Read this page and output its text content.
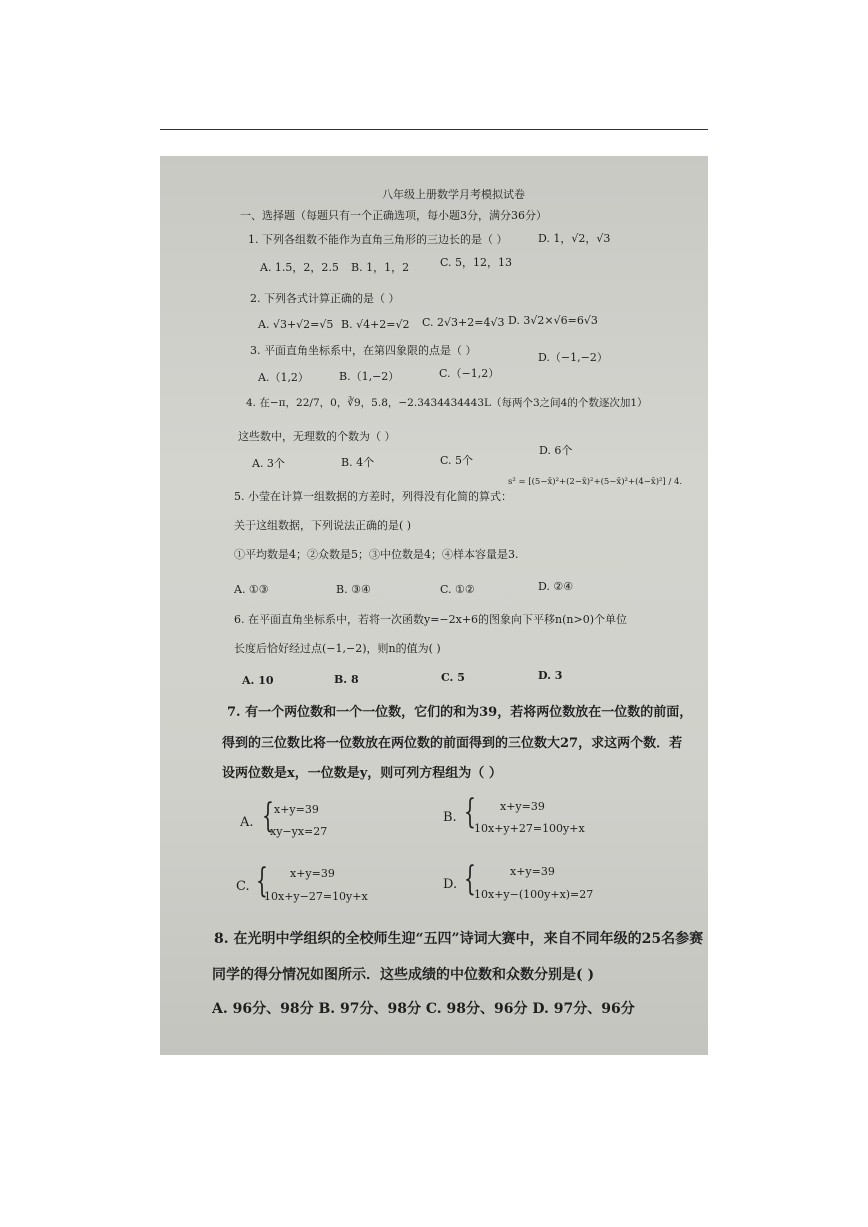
八年级上册数学月考模拟试卷
一、选择题（每题只有一个正确选项，每小题3分，满分36分）
1. 下列各组数不能作为直角三角形的三边长的是（ ）
A. 1.5，2，2.5 B. 1，1，2	C. 5，12，13
D. 1，√2，√3
2. 下列各式计算正确的是（ ）
A. √3+√2=√5 B. √4+2=√2 C. 2√3+2=4√3 D. 3√2×√6=6√3
3. 平面直角坐标系中，在第四象限的点是（ ）
A.（1,2）	B.（1,−2）	C.（−1,2）
D.（−1,−2）
4. 在−π，22/7，0，∛9，5.8，−2.3434434443L（每两个3之间4的个数逐次加1）
这些数中，无理数的个数为（ ）
A. 3个	B. 4个	C. 5个
D. 6个
5. 小莹在计算一组数据的方差时，列得没有化简的算式：
s² = [(5−x̄)²+(2−x̄)²+(5−x̄)²+(4−x̄)²] / 4.
关于这组数据，下列说法正确的是( )
①平均数是4；②众数是5；③中位数是4；④样本容量是3.
A. ①③	B. ③④	C. ①②	D. ②④
6. 在平面直角坐标系中，若将一次函数y=−2x+6的图象向下平移n(n>0)个单位
长度后恰好经过点(−1,−2)，则n的值为( )
A. 10	B. 8	C. 5	D. 3
7. 有一个两位数和一个一位数，它们的和为39，若将两位数放在一位数的前面，
得到的三位数比将一位数放在两位数的前面得到的三位数大27，求这两个数．若
设两位数是x，一位数是y，则可列方程组为（ ）
A. { x+y=39
xy−yx=27
B. { x+y=39
10x+y+27=100y+x
C. { x+y=39
10x+y−27=10y+x
D. {	x+y=39
10x+y−(100y+x)=27
8. 在光明中学组织的全校师生迎“五四”诗词大赛中，来自不同年级的25名参赛
同学的得分情况如图所示．这些成绩的中位数和众数分别是( )
A. 96分、98分 B. 97分、98分 C. 98分、96分 D. 97分、96分
